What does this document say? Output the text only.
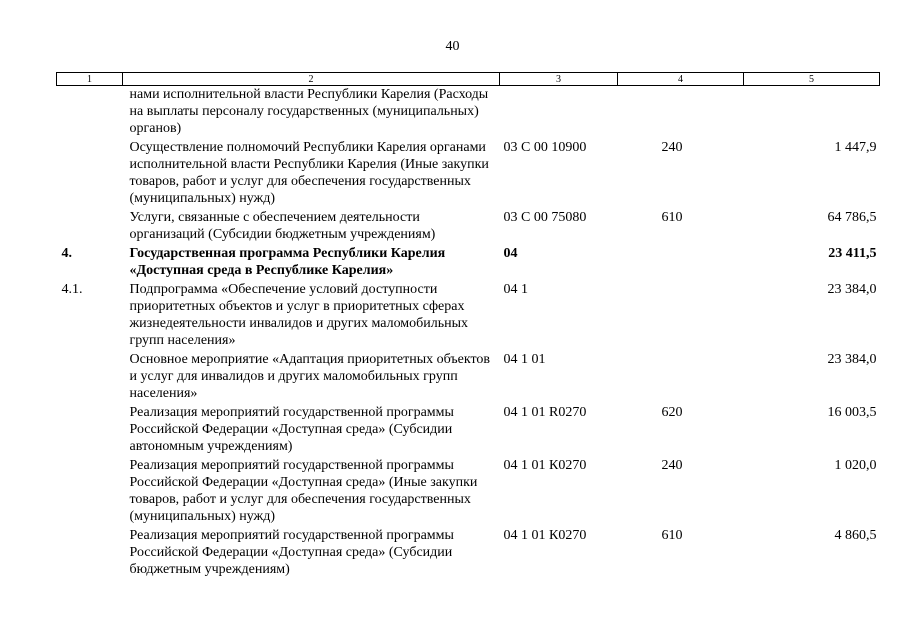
40
1	2	3	4	5
	нами исполнительной власти Республики Карелия (Расходы на выплаты персоналу государственных (муниципальных) органов)			
	Осуществление полномочий Республики Карелия органами исполнительной власти Республики Карелия (Иные закупки товаров, работ и услуг для обеспечения государственных (муниципальных) нужд)	03 С 00 10900	240	1 447,9
	Услуги, связанные с обеспечением деятельности организаций (Субсидии бюджетным учреждениям)	03 С 00 75080	610	64 786,5
4.	Государственная программа Республики Карелия «Доступная среда в Республике Карелия»	04		23 411,5
4.1.	Подпрограмма «Обеспечение условий доступности приоритетных объектов и услуг в приоритетных сферах жизнедеятельности инвалидов и других маломобильных групп населения»	04 1		23 384,0
	Основное мероприятие «Адаптация приоритетных объектов и услуг для инвалидов и других маломобильных групп населения»	04 1 01		23 384,0
	Реализация мероприятий государственной программы Российской Федерации «Доступная среда» (Субсидии автономным учреждениям)	04 1 01 R0270	620	16 003,5
	Реализация мероприятий государственной программы Российской Федерации «Доступная среда» (Иные закупки товаров, работ и услуг для обеспечения государственных (муниципальных) нужд)	04 1 01 К0270	240	1 020,0
	Реализация мероприятий государственной программы Российской Федерации «Доступная среда» (Субсидии бюджетным учреждениям)	04 1 01 К0270	610	4 860,5
